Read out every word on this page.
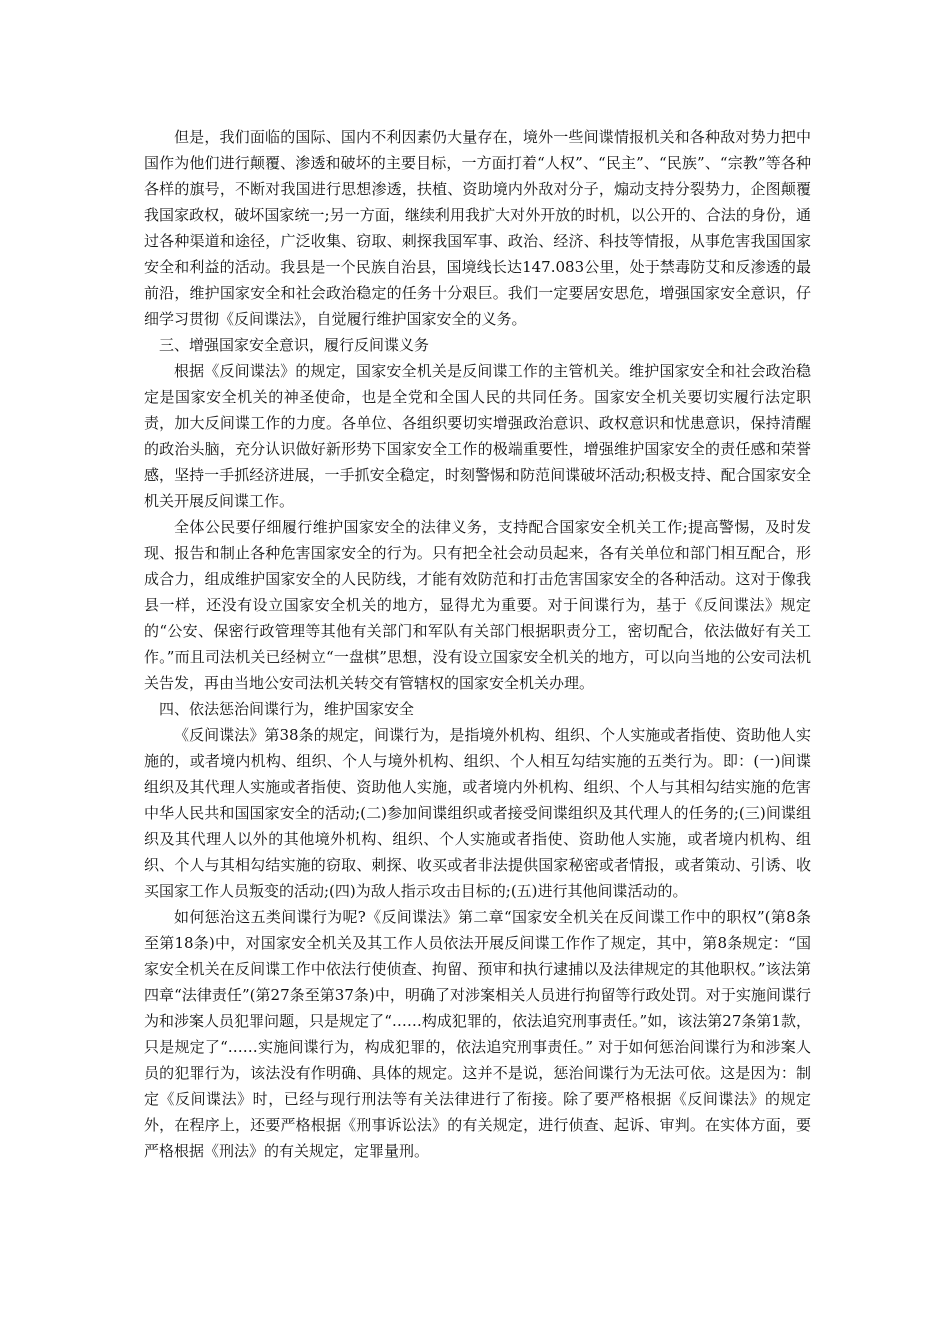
但是，我们面临的国际、国内不利因素仍大量存在，境外一些间谍情报机关和各种敌对势力把中国作为他们进行颠覆、渗透和破坏的主要目标，一方面打着“人权”、“民主”、“民族”、“宗教”等各种各样的旗号，不断对我国进行思想渗透，扶植、资助境内外敌对分子，煽动支持分裂势力，企图颠覆我国家政权，破坏国家统一;另一方面，继续利用我扩大对外开放的时机，以公开的、合法的身份，通过各种渠道和途径，广泛收集、窃取、刺探我国军事、政治、经济、科技等情报，从事危害我国国家安全和利益的活动。我县是一个民族自治县，国境线长达147.083公里，处于禁毒防艾和反渗透的最前沿，维护国家安全和社会政治稳定的任务十分艰巨。我们一定要居安思危，增强国家安全意识，仔细学习贯彻《反间谍法》，自觉履行维护国家安全的义务。

三、增强国家安全意识，履行反间谍义务

根据《反间谍法》的规定，国家安全机关是反间谍工作的主管机关。维护国家安全和社会政治稳定是国家安全机关的神圣使命，也是全党和全国人民的共同任务。国家安全机关要切实履行法定职责，加大反间谍工作的力度。各单位、各组织要切实增强政治意识、政权意识和忧患意识，保持清醒的政治头脑，充分认识做好新形势下国家安全工作的极端重要性，增强维护国家安全的责任感和荣誉感，坚持一手抓经济进展，一手抓安全稳定，时刻警惕和防范间谍破坏活动;积极支持、配合国家安全机关开展反间谍工作。

全体公民要仔细履行维护国家安全的法律义务，支持配合国家安全机关工作;提高警惕，及时发现、报告和制止各种危害国家安全的行为。只有把全社会动员起来，各有关单位和部门相互配合，形成合力，组成维护国家安全的人民防线，才能有效防范和打击危害国家安全的各种活动。这对于像我县一样，还没有设立国家安全机关的地方，显得尤为重要。对于间谍行为，基于《反间谍法》规定的“公安、保密行政管理等其他有关部门和军队有关部门根据职责分工，密切配合，依法做好有关工作。”而且司法机关已经树立“一盘棋”思想，没有设立国家安全机关的地方，可以向当地的公安司法机关告发，再由当地公安司法机关转交有管辖权的国家安全机关办理。

四、依法惩治间谍行为，维护国家安全

《反间谍法》第38条的规定，间谍行为，是指境外机构、组织、个人实施或者指使、资助他人实施的，或者境内机构、组织、个人与境外机构、组织、个人相互勾结实施的五类行为。即：(一)间谍组织及其代理人实施或者指使、资助他人实施，或者境内外机构、组织、个人与其相勾结实施的危害中华人民共和国国家安全的活动;(二)参加间谍组织或者接受间谍组织及其代理人的任务的;(三)间谍组织及其代理人以外的其他境外机构、组织、个人实施或者指使、资助他人实施，或者境内机构、组织、个人与其相勾结实施的窃取、刺探、收买或者非法提供国家秘密或者情报，或者策动、引诱、收买国家工作人员叛变的活动;(四)为敌人指示攻击目标的;(五)进行其他间谍活动的。

如何惩治这五类间谍行为呢?《反间谍法》第二章“国家安全机关在反间谍工作中的职权”(第8条至第18条)中，对国家安全机关及其工作人员依法开展反间谍工作作了规定，其中，第8条规定：“国家安全机关在反间谍工作中依法行使侦查、拘留、预审和执行逮捕以及法律规定的其他职权。”该法第四章“法律责任”(第27条至第37条)中，明确了对涉案相关人员进行拘留等行政处罚。对于实施间谍行为和涉案人员犯罪问题，只是规定了“……构成犯罪的，依法追究刑事责任。”如，该法第27条第1款，只是规定了“……实施间谍行为，构成犯罪的，依法追究刑事责任。” 对于如何惩治间谍行为和涉案人员的犯罪行为，该法没有作明确、具体的规定。这并不是说，惩治间谍行为无法可依。这是因为：制定《反间谍法》时，已经与现行刑法等有关法律进行了衔接。除了要严格根据《反间谍法》的规定外，在程序上，还要严格根据《刑事诉讼法》的有关规定，进行侦查、起诉、审判。在实体方面，要严格根据《刑法》的有关规定，定罪量刑。
